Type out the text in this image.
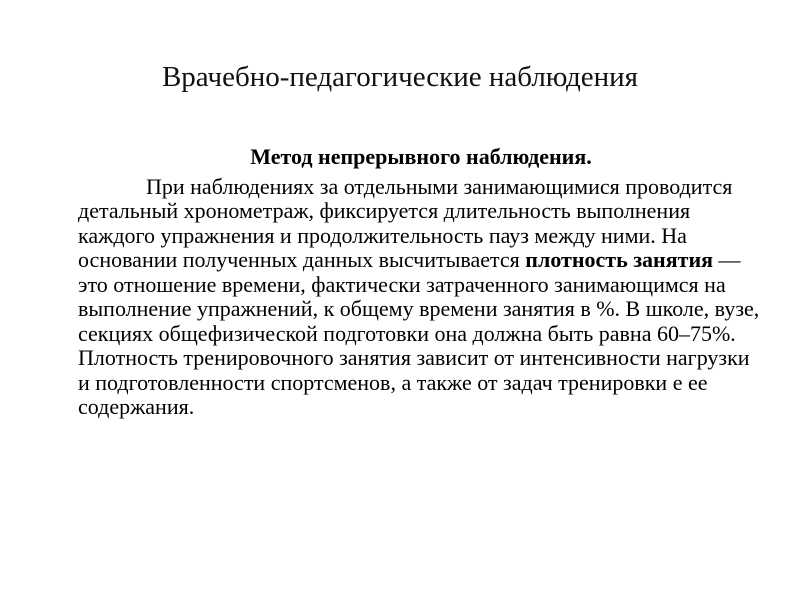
Врачебно-педагогические наблюдения

Метод непрерывного наблюдения.

При наблюдениях за отдельными занимающимися проводится детальный хронометраж, фиксируется длительность выполнения каждого упражнения и продолжительность пауз между ними. На основании полученных данных высчитывается плотность занятия — это отношение времени, фактически затраченного занимающимся на выполнение упражнений, к общему времени занятия в %. В школе, вузе, секциях общефизической подготовки она должна быть равна 60–75%. Плотность тренировочного занятия зависит от интенсивности нагрузки и подготовленности спортсменов, а также от задач тренировки е ее содержания.
